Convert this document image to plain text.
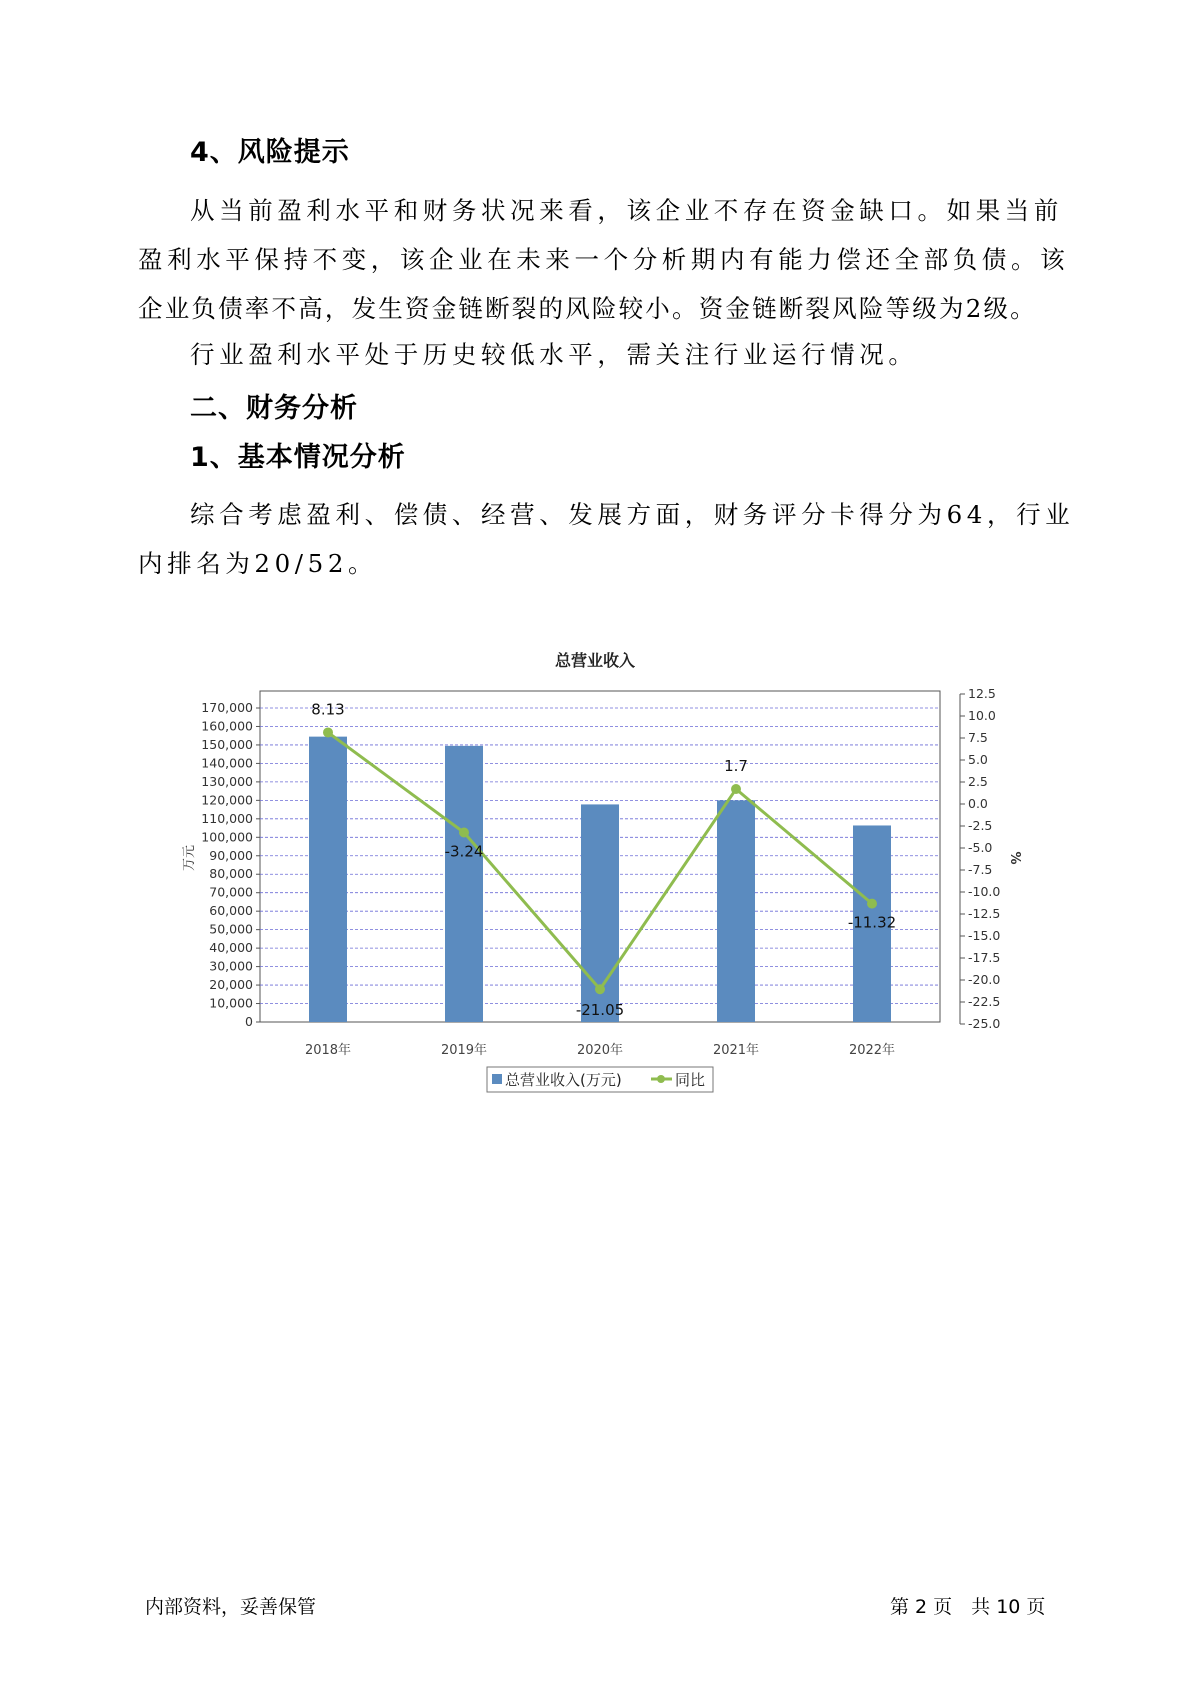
4、风险提示
从当前盈利水平和财务状况来看，该企业不存在资金缺口。如果当前
盈利水平保持不变，该企业在未来一个分析期内有能力偿还全部负债。该
企业负债率不高，发生资金链断裂的风险较小。资金链断裂风险等级为2级。
行业盈利水平处于历史较低水平，需关注行业运行情况。
二、财务分析
1、基本情况分析
综合考虑盈利、偿债、经营、发展方面，财务评分卡得分为64，行业
内排名为20/52。
总营业收入
170,000
160,000
150,000
140,000
130,000
120,000
110,000
100,000
90,000
80,000
70,000
60,000
50,000
40,000
30,000
20,000
10,000
0
12.5
10.0
7.5
5.0
2.5
0.0
-2.5
-5.0
-7.5
-10.0
-12.5
-15.0
-17.5
-20.0
-22.5
-25.0
8.13
-3.24
-21.05
1.7
-11.32
2018年	2019年	2020年	2021年	2022年
万元	%
总营业收入(万元)	同比
内部资料，妥善保管	第 2 页　共 10 页
